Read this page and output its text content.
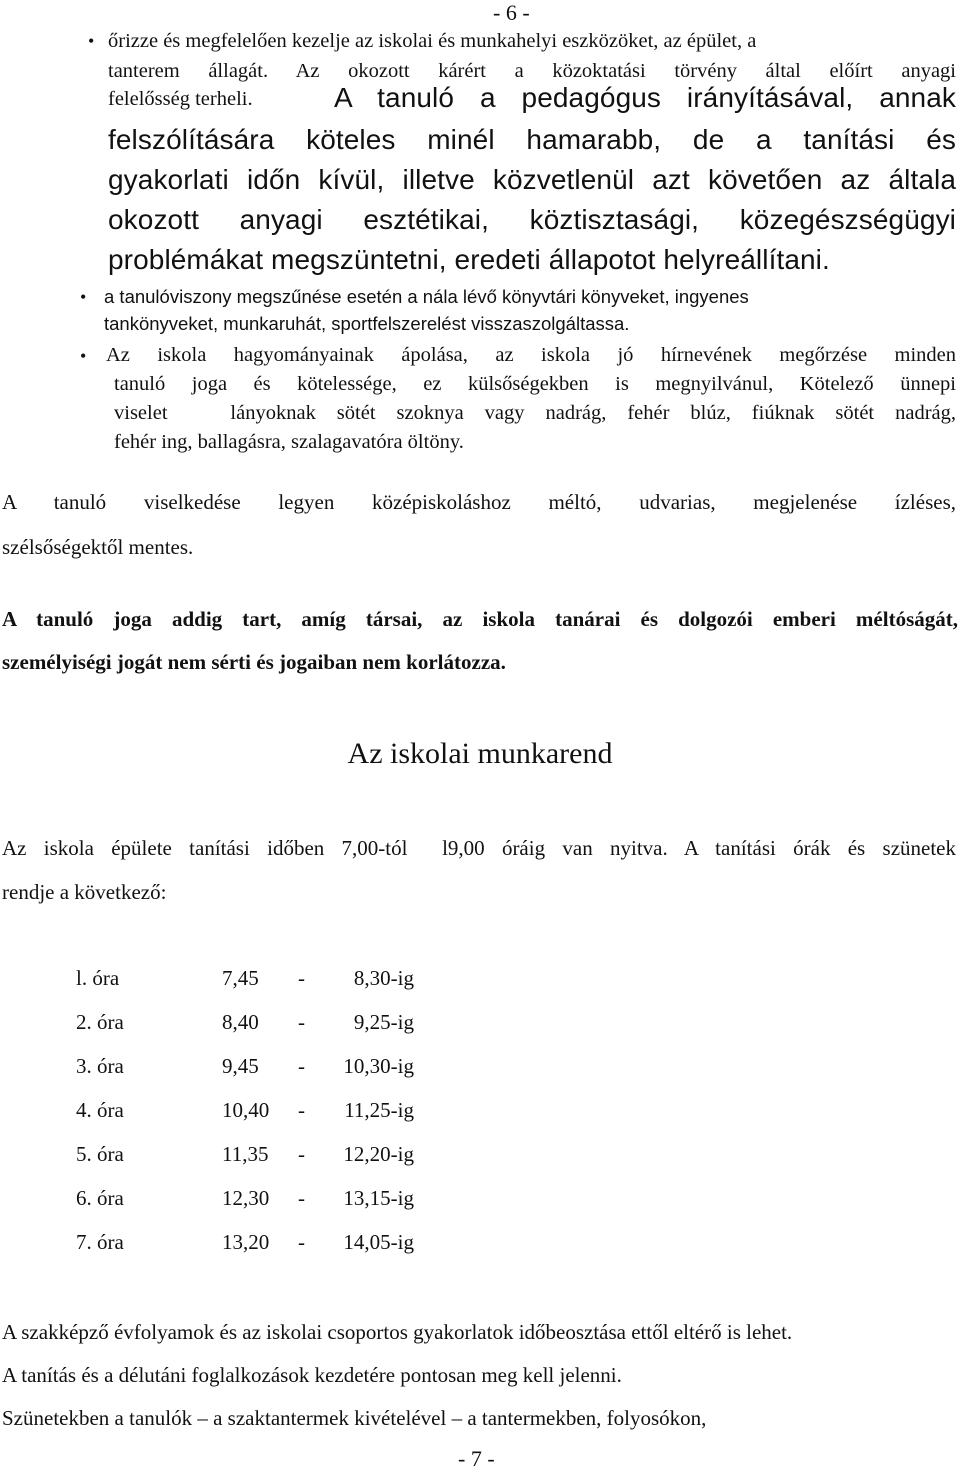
- 6 -
• őrizze és megfelelően kezelje az iskolai és munkahelyi eszközöket, az épület, a
tanterem állagát. Az okozott kárért a közoktatási törvény által előírt anyagi
felelősség terheli.	A tanuló a pedagógus irányításával, annak
felszólítására köteles minél hamarabb, de a tanítási és
gyakorlati időn kívül, illetve közvetlenül azt követően az általa
okozott anyagi esztétikai, köztisztasági, közegészségügyi
problémákat megszüntetni, eredeti állapotot helyreállítani.
• a tanulóviszony megszűnése esetén a nála lévő könyvtári könyveket, ingyenes
tankönyveket, munkaruhát, sportfelszerelést visszaszolgáltassa.
• Az iskola hagyományainak ápolása, az iskola jó hírnevének megőrzése minden
tanuló joga és kötelessége, ez külsőségekben is megnyilvánul, Kötelező ünnepi
viselet   lányoknak sötét szoknya vagy nadrág, fehér blúz, fiúknak sötét nadrág,
fehér ing, ballagásra, szalagavatóra öltöny.
A tanuló viselkedése legyen középiskoláshoz méltó, udvarias, megjelenése ízléses,
szélsőségektől mentes.
A tanuló joga addig tart, amíg társai, az iskola tanárai és dolgozói emberi méltóságát,
személyiségi jogát nem sérti és jogaiban nem korlátozza.
Az iskolai munkarend
Az iskola épülete tanítási időben 7,00-tól  l9,00 óráig van nyitva. A tanítási órák és szünetek
rendje a következő:
l. óra	7,45	-	8,30-ig
2. óra	8,40	-	9,25-ig
3. óra	9,45	-	10,30-ig
4. óra	10,40	-	11,25-ig
5. óra	11,35	-	12,20-ig
6. óra	12,30	-	13,15-ig
7. óra	13,20	-	14,05-ig
A szakképző évfolyamok és az iskolai csoportos gyakorlatok időbeosztása ettől eltérő is lehet.
A tanítás és a délutáni foglalkozások kezdetére pontosan meg kell jelenni.
Szünetekben a tanulók – a szaktantermek kivételével – a tantermekben, folyosókon,
- 7 -
